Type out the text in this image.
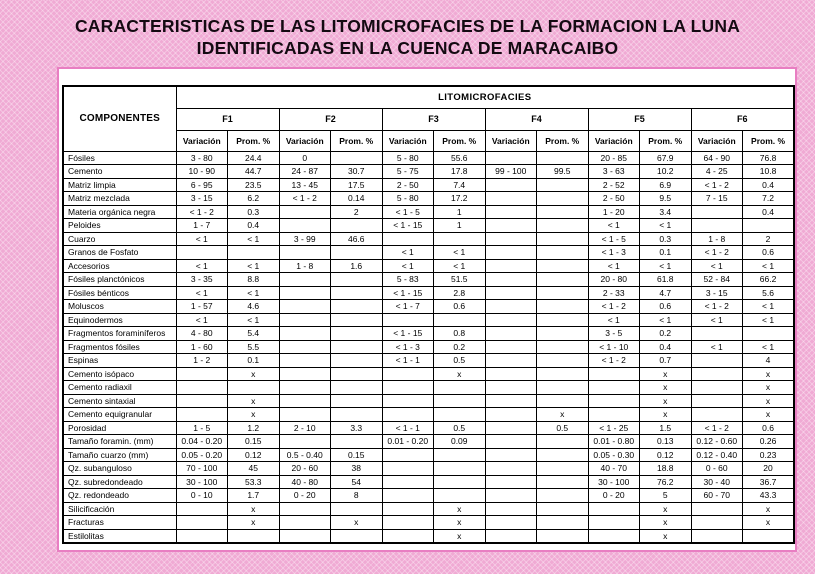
CARACTERISTICAS DE LAS LITOMICROFACIES DE LA FORMACION LA LUNA
IDENTIFICADAS EN LA CUENCA DE MARACAIBO
COMPONENTES	LITOMICROFACIES											
	F1		F2		F3		F4		F5		F6	
	Variación	Prom. %	Variación	Prom. %	Variación	Prom. %	Variación	Prom. %	Variación	Prom. %	Variación	Prom. %
Fósiles	3 - 80	24.4	0		5 - 80	55.6			20 - 85	67.9	64 - 90	76.8
Cemento	10 - 90	44.7	24 - 87	30.7	5 - 75	17.8	99 - 100	99.5	3 - 63	10.2	4 - 25	10.8
Matriz limpia	6 - 95	23.5	13 - 45	17.5	2 - 50	7.4			2 - 52	6.9	< 1 - 2	0.4
Matriz mezclada	3 - 15	6.2	< 1 - 2	0.14	5 - 80	17.2			2 - 50	9.5	7 - 15	7.2
Materia orgánica negra	< 1 - 2	0.3		2	< 1 - 5	1			1 - 20	3.4		0.4
Peloides	1 - 7	0.4			< 1 - 15	1			< 1	< 1		
Cuarzo	< 1	< 1	3 - 99	46.6					< 1 - 5	0.3	1 - 8	2
Granos de Fosfato					< 1	< 1			< 1 - 3	0.1	< 1 - 2	0.6
Accesorios	< 1	< 1	1 - 8	1.6	< 1	< 1			< 1	< 1	< 1	< 1
Fósiles planctónicos	3 - 35	8.8			5 - 83	51.5			20 - 80	61.8	52 - 84	66.2
Fósiles bénticos	< 1	< 1			< 1 - 15	2.8			2 - 33	4.7	3 - 15	5.6
Moluscos	1 - 57	4.6			< 1 - 7	0.6			< 1 - 2	0.6	< 1 - 2	< 1
Equinodermos	< 1	< 1							< 1	< 1	< 1	< 1
Fragmentos foraminíferos	4 - 80	5.4			< 1 - 15	0.8			3 - 5	0.2		
Fragmentos fósiles	1 - 60	5.5			< 1 - 3	0.2			< 1 - 10	0.4	< 1	< 1
Espinas	1 - 2	0.1			< 1 - 1	0.5			< 1 - 2	0.7		4
Cemento isópaco		x				x				x		x
Cemento radiaxil										x		x
Cemento sintaxial		x								x		x
Cemento equigranular		x						x		x		x
Porosidad	1 - 5	1.2	2 - 10	3.3	< 1 - 1	0.5		0.5	< 1 - 25	1.5	< 1 - 2	0.6
Tamaño foramin. (mm)	0.04 - 0.20	0.15			0.01 - 0.20	0.09			0.01 - 0.80	0.13	0.12 - 0.60	0.26
Tamaño cuarzo (mm)	0.05 - 0.20	0.12	0.5 - 0.40	0.15					0.05 - 0.30	0.12	0.12 - 0.40	0.23
Qz. subanguloso	70 - 100	45	20 - 60	38					40 - 70	18.8	0 - 60	20
Qz. subredondeado	30 - 100	53.3	40 - 80	54					30 - 100	76.2	30 - 40	36.7
Qz. redondeado	0 - 10	1.7	0 - 20	8					0 - 20	5	60 - 70	43.3
Silicificación		x				x				x		x
Fracturas		x		x		x				x		x
Estilolitas						x				x		
